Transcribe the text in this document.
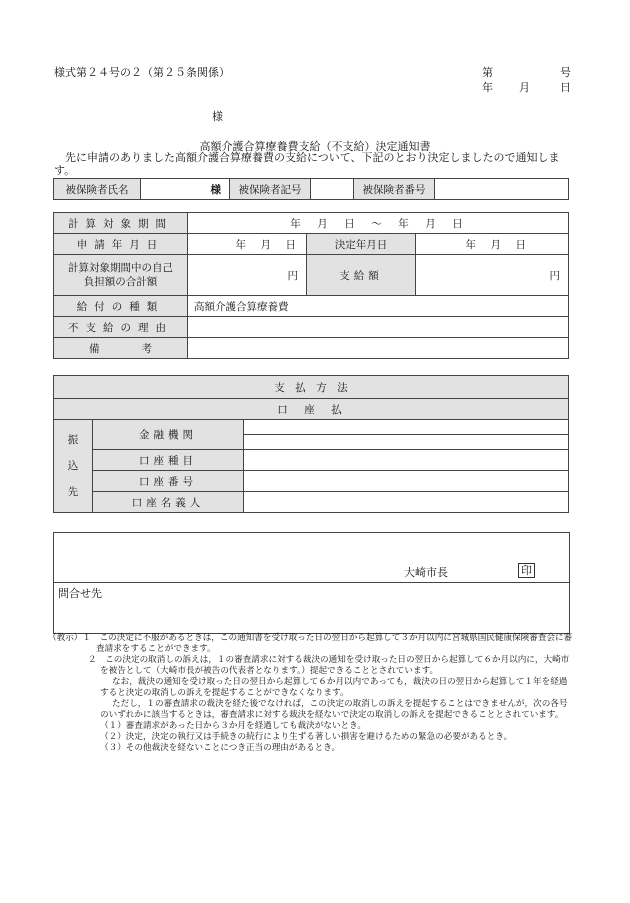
様式第２４号の２（第２５条関係）	第	号
年 月	日
様
高額介護合算療養費支給（不支給）決定通知書
　先に申請のありました高額介護合算療養費の支給について、下記のとおり決定しましたので通知します。
被保険者氏名	様	被保険者記号		被保険者番号	
計算対象期間	年　月　日　～　年　月　日		
申請年月日	年　月　日	決定年月日	年　月　日
計算対象期間中の自己負担額の合計額	円	支給額	円
給付の種類	高額介護合算療養費		
不支給の理由			
備　　　　考			
支　払　方　法		
口　座　払		

振
込
先	金融機関	

	口座種目	
	口座番号	
	口座名義人	
大崎市長	印
問合せ先
（教示）１　この決定に不服があるときは，この通知書を受け取った日の翌日から起算して３か月以内に宮城県国民健康保険審査会に審査請求をすることができます。
２　この決定の取消しの訴えは，１の審査請求に対する裁決の通知を受け取った日の翌日から起算して６か月以内に，大崎市を被告として（大崎市長が被告の代表者となります。）提起できることとされています。
なお，裁決の通知を受け取った日の翌日から起算して６か月以内であっても，裁決の日の翌日から起算して１年を経過すると決定の取消しの訴えを提起することができなくなります。
ただし，１の審査請求の裁決を経た後でなければ，この決定の取消しの訴えを提起することはできませんが，次の各号のいずれかに該当するときは，審査請求に対する裁決を経ないで決定の取消しの訴えを提起できることとされています。
（１）審査請求があった日から３か月を経過しても裁決がないとき。
（２）決定，決定の執行又は手続きの続行により生ずる著しい損害を避けるための緊急の必要があるとき。
（３）その他裁決を経ないことにつき正当の理由があるとき。
